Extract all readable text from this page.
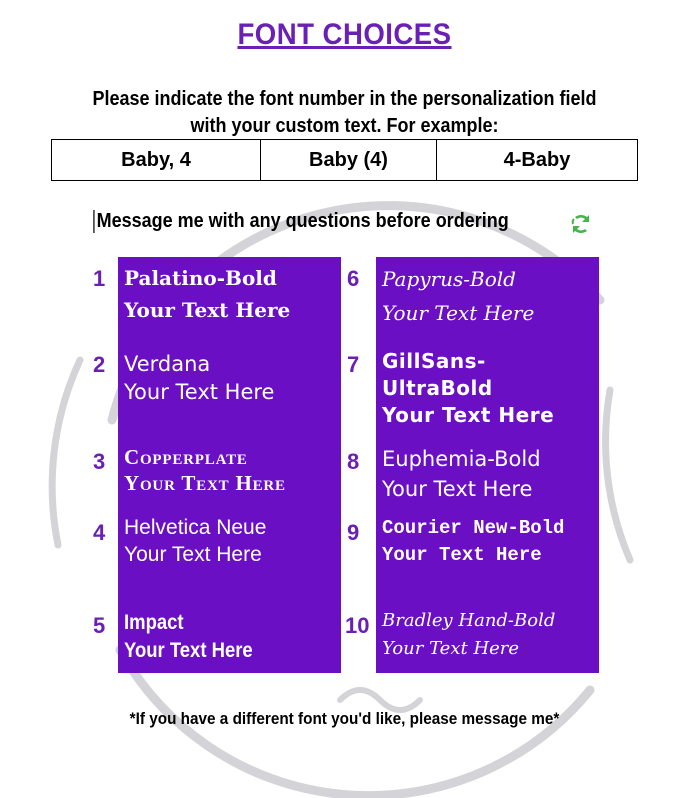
FONT CHOICES
Please indicate the font number in the personalization field
with your custom text. For example:
Baby, 4	Baby (4)	4-Baby
Message me with any questions before ordering
1 Palatino-Bold
Your Text Here
2 Verdana
Your Text Here
3 Copperplate
Your Text Here
4 Helvetica Neue
Your Text Here
5 Impact
Your Text Here
6 Papyrus-Bold
Your Text Here
7 GillSans-UltraBold
Your Text Here
8 Euphemia-Bold
Your Text Here
9 Courier New-Bold
Your Text Here
10 Bradley Hand-Bold
Your Text Here
*If you have a different font you'd like, please message me*
